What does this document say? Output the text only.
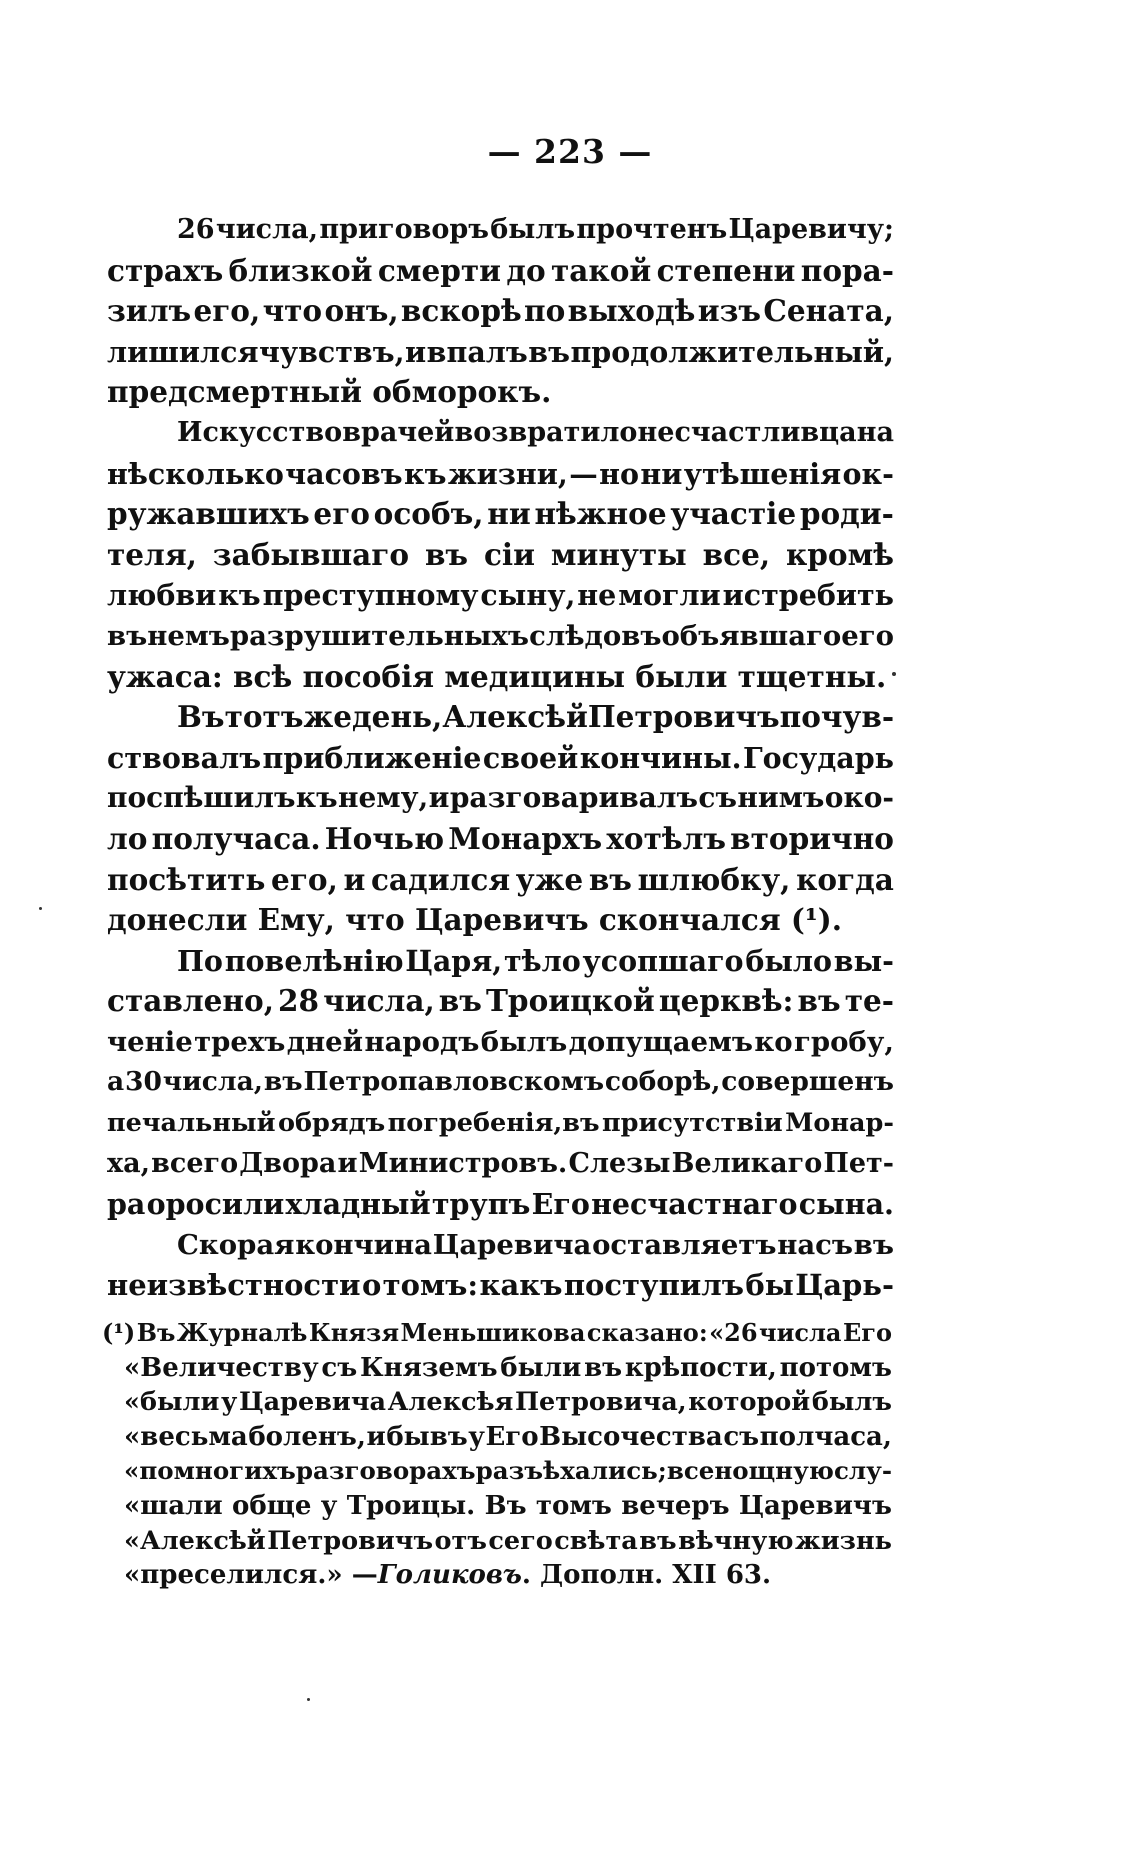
— 223 —
26 числа, приговоръ былъ прочтенъ Царевичу;
страхъ близкой смерти до такой степени пора-
зилъ его, что онъ, вскорѣ по выходѣ изъ Сената,
лишился чувствъ, и впалъ въ продолжительный,
предсмертный обморокъ.
Искусство врачей возвратило несчастливца на
нѣсколько часовъ къ жизни, — но ни утѣшенія ок-
ружавшихъ его особъ, ни нѣжное участіе роди-
теля, забывшаго въ сіи минуты все, кромѣ
любви къ преступному сыну, не могли истребить
въ немъ разрушительныхъ слѣдовъ объявшаго его
ужаса: всѣ пособія медицины были тщетны.
Въ тотъ же день, Алексѣй Петровичъ почув-
ствовалъ приближеніе своей кончины. Государь
поспѣшилъ къ нему, и разговаривалъ съ нимъ око-
ло получаса. Ночью Монархъ хотѣлъ вторично
посѣтить его, и садился уже въ шлюбку, когда
донесли Ему, что Царевичъ скончался (¹).
По повелѣнію Царя, тѣло усопшаго было вы-
ставлено, 28 числа, въ Троицкой церквѣ: въ те-
ченіе трехъ дней народъ былъ допущаемъ ко гробу,
а 30 числа, въ Петропавловскомъ соборѣ, совершенъ
печальный обрядъ погребенія,въ присутствіи Монар-
ха, всего Двора и Министровъ. Слезы Великаго Пет-
ра оросили хладный трупъ Его несчастнаго сына.
Скорая кончина Царевича оставляетъ насъ въ
неизвѣстности о томъ: какъ поступилъ бы Царь-
(¹) Въ Журналѣ Князя Меньшикова сказано: «26 числа Его
«Величеству съ Княземъ были въ крѣпости, потомъ
«были у Царевича Алексѣя Петровича, которой былъ
«весьма боленъ, и бывъ у Его Высочества съ полчаса,
«по многихъ разговорахъ разъѣхались; всенощную слу-
«шали обще у Троицы. Въ томъ вечеръ Царевичъ
«Алексѣй Петровичъ отъ сего свѣта въ вѣчную жизнь
«преселился.» — Голиковъ . Дополн. XII 63.
